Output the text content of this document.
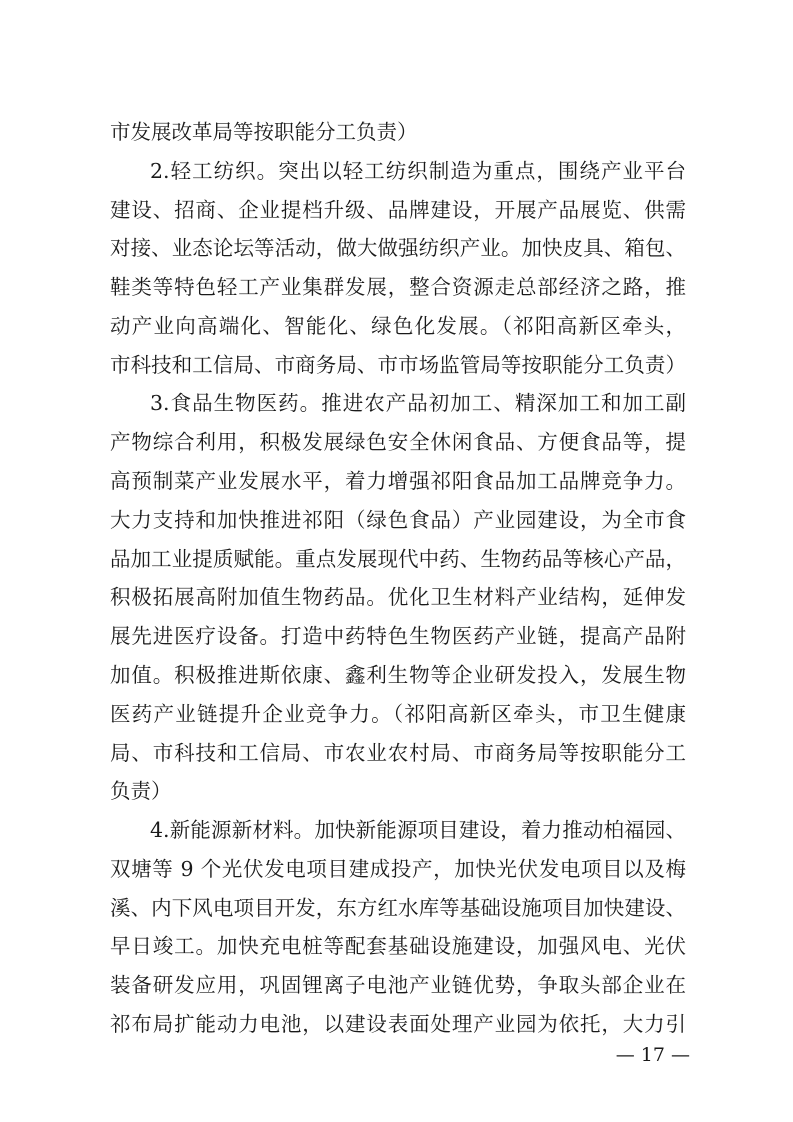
市发展改革局等按职能分工负责）
2.轻工纺织。突出以轻工纺织制造为重点，围绕产业平台
建设、招商、企业提档升级、品牌建设，开展产品展览、供需
对接、业态论坛等活动，做大做强纺织产业。加快皮具、箱包、
鞋类等特色轻工产业集群发展，整合资源走总部经济之路，推
动产业向高端化、智能化、绿色化发展。（祁阳高新区牵头，
市科技和工信局、市商务局、市市场监管局等按职能分工负责）
3.食品生物医药。推进农产品初加工、精深加工和加工副
产物综合利用，积极发展绿色安全休闲食品、方便食品等，提
高预制菜产业发展水平，着力增强祁阳食品加工品牌竞争力。
大力支持和加快推进祁阳（绿色食品）产业园建设，为全市食
品加工业提质赋能。重点发展现代中药、生物药品等核心产品，
积极拓展高附加值生物药品。优化卫生材料产业结构，延伸发
展先进医疗设备。打造中药特色生物医药产业链，提高产品附
加值。积极推进斯依康、鑫利生物等企业研发投入，发展生物
医药产业链提升企业竞争力。（祁阳高新区牵头，市卫生健康
局、市科技和工信局、市农业农村局、市商务局等按职能分工
负责）
4.新能源新材料。加快新能源项目建设，着力推动柏福园、
双塘等 9 个光伏发电项目建成投产，加快光伏发电项目以及梅
溪、内下风电项目开发，东方红水库等基础设施项目加快建设、
早日竣工。加快充电桩等配套基础设施建设，加强风电、光伏
装备研发应用，巩固锂离子电池产业链优势，争取头部企业在
祁布局扩能动力电池，以建设表面处理产业园为依托，大力引
— 17 —
